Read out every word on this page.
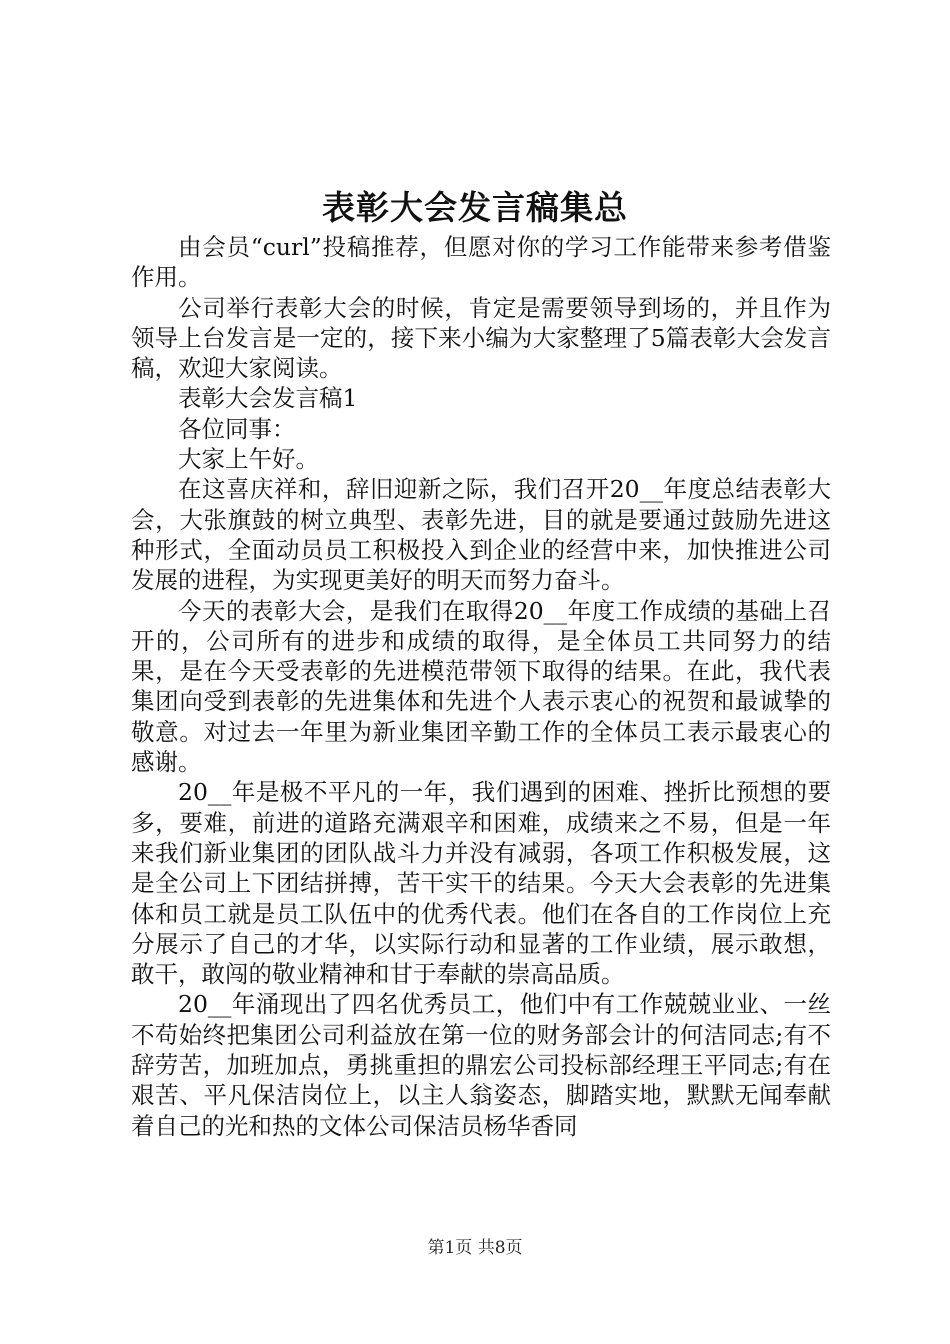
表彰大会发言稿集总

由会员“curl”投稿推荐，但愿对你的学习工作能带来参考借鉴作用。

公司举行表彰大会的时候，肯定是需要领导到场的，并且作为领导上台发言是一定的，接下来小编为大家整理了5篇表彰大会发言稿，欢迎大家阅读。

表彰大会发言稿1

各位同事：

大家上午好。

在这喜庆祥和，辞旧迎新之际，我们召开20__年度总结表彰大会，大张旗鼓的树立典型、表彰先进，目的就是要通过鼓励先进这种形式，全面动员员工积极投入到企业的经营中来，加快推进公司发展的进程，为实现更美好的明天而努力奋斗。

今天的表彰大会，是我们在取得20__年度工作成绩的基础上召开的，公司所有的进步和成绩的取得，是全体员工共同努力的结果，是在今天受表彰的先进模范带领下取得的结果。在此，我代表集团向受到表彰的先进集体和先进个人表示衷心的祝贺和最诚挚的敬意。对过去一年里为新业集团辛勤工作的全体员工表示最衷心的感谢。

20__年是极不平凡的一年，我们遇到的困难、挫折比预想的要多，要难，前进的道路充满艰辛和困难，成绩来之不易，但是一年来我们新业集团的团队战斗力并没有减弱，各项工作积极发展，这是全公司上下团结拼搏，苦干实干的结果。今天大会表彰的先进集体和员工就是员工队伍中的优秀代表。他们在各自的工作岗位上充分展示了自己的才华，以实际行动和显著的工作业绩，展示敢想，敢干，敢闯的敬业精神和甘于奉献的崇高品质。

20__年涌现出了四名优秀员工，他们中有工作兢兢业业、一丝不苟始终把集团公司利益放在第一位的财务部会计的何洁同志;有不辞劳苦，加班加点，勇挑重担的鼎宏公司投标部经理王平同志;有在艰苦、平凡保洁岗位上，以主人翁姿态，脚踏实地，默默无闻奉献着自己的光和热的文体公司保洁员杨华香同

第1页 共8页
